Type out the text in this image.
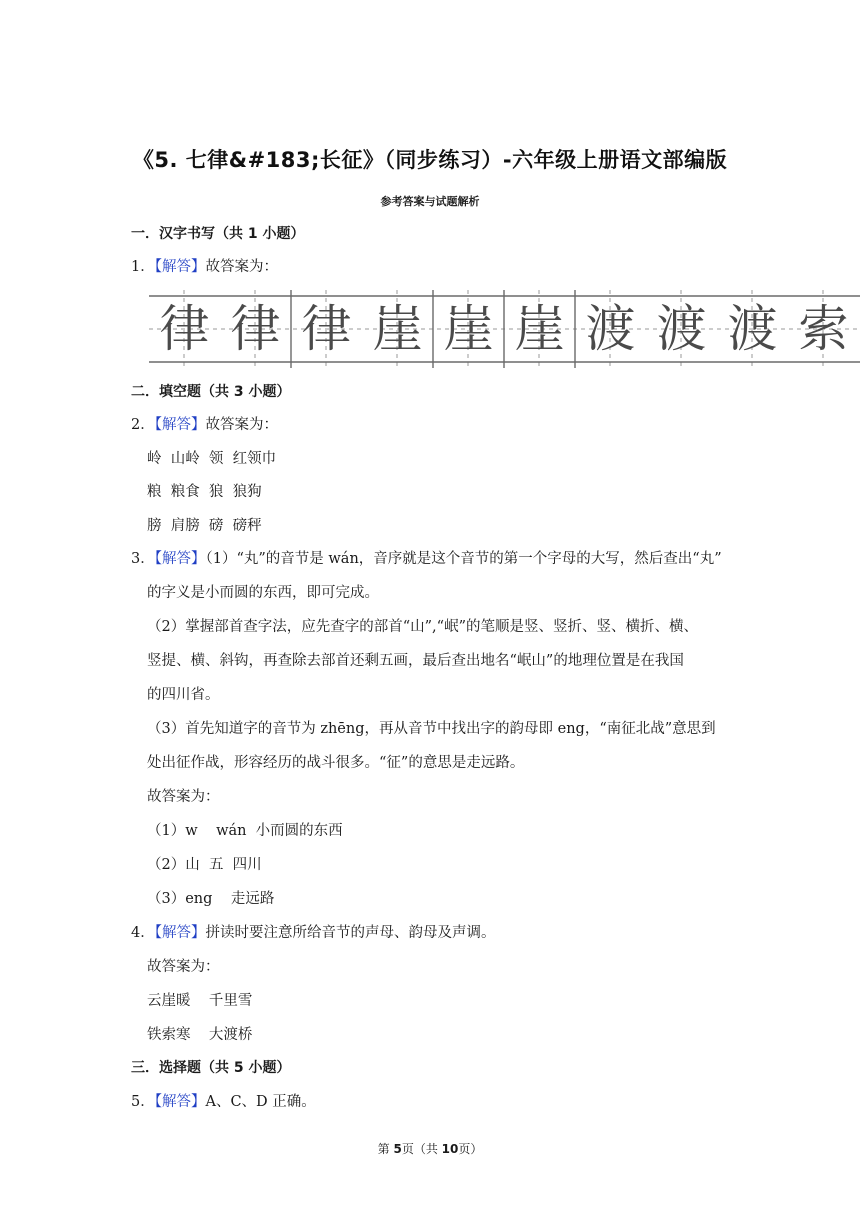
《5. 七律&#183;长征》（同步练习）-六年级上册语文部编版
参考答案与试题解析
一．汉字书写（共 1 小题）
1．【解答】故答案为：
律 律 律 崖 崖 崖 渡 渡 渡 索
二．填空题（共 3 小题）
2．【解答】故答案为：
岭  山岭  领  红领巾
粮  粮食  狼  狼狗
膀  肩膀  磅  磅秤
3．【解答】（1）“丸”的音节是 wán，音序就是这个音节的第一个字母的大写，然后查出“丸”
的字义是小而圆的东西，即可完成。
（2）掌握部首查字法，应先查字的部首“山”,“岷”的笔顺是竖、竖折、竖、横折、横、
竖提、横、斜钩，再查除去部首还剩五画，最后查出地名“岷山”的地理位置是在我国
的四川省。
（3）首先知道字的音节为 zhēng，再从音节中找出字的韵母即 eng，“南征北战”意思到
处出征作战，形容经历的战斗很多。“征”的意思是走远路。
故答案为：
（1）w    wán  小而圆的东西
（2）山  五  四川
（3）eng    走远路
4．【解答】拼读时要注意所给音节的声母、韵母及声调。
故答案为：
云崖暖    千里雪
铁索寒    大渡桥
三．选择题（共 5 小题）
5．【解答】A、C、D 正确。
第 5页（共 10页）
